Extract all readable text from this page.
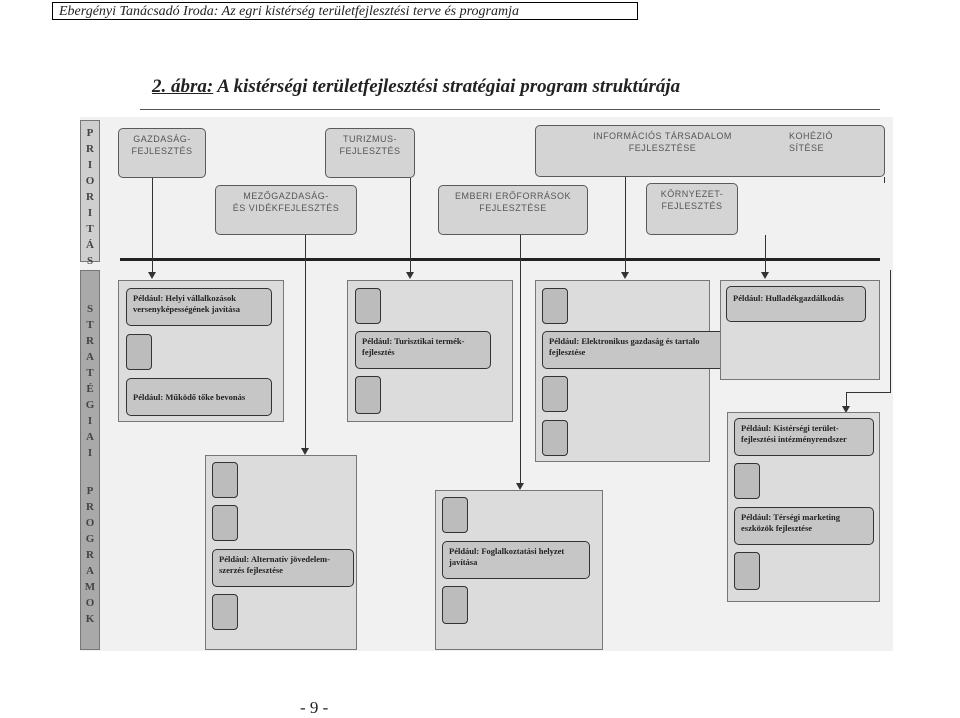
Ebergényi Tanácsadó Iroda: Az egri kistérség területfejlesztési terve és programja
2. ábra: A kistérségi területfejlesztési stratégiai program struktúrája
P
R
I
O
R
I
T
Á
S
S
T
R
A
T
É
G
I
A
I
P
R
O
G
R
A
M
O
K
GAZDASÁG-
FEJLESZTÉS
TURIZMUS-
FEJLESZTÉS
INFORMÁCIÓS TÁRSADALOM
FEJLESZTÉSE
KOHÉZIÓ
SÍTÉSE
MEZŐGAZDASÁG-
ÉS VIDÉKFEJLESZTÉS
EMBERI ERŐFORRÁSOK
FEJLESZTÉSE
KÖRNYEZET-
FEJLESZTÉS
Például: Helyi vállalkozások versenyképességének javítása
Például: Működő tőke bevonás
Például: Turisztikai termék-
fejlesztés
Például: Elektronikus gazdaság és tartalo
fejlesztése
Például: Hulladékgazdálkodás
Például: Alternatív jövedelem-
szerzés fejlesztése
Például: Foglalkoztatási helyzet
javítása
Például: Kistérségi terület-
fejlesztési intézményrendszer
Például: Térségi marketing
eszközök fejlesztése
- 9 -
